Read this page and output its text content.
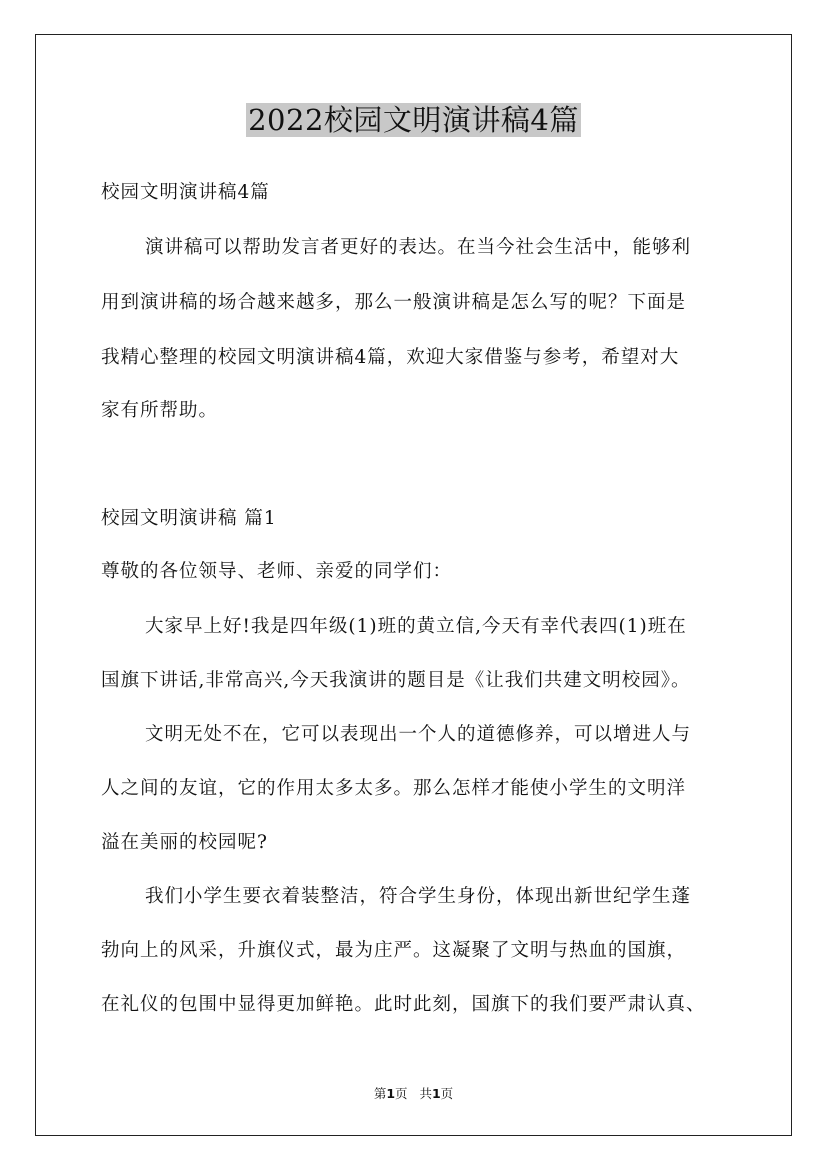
2022校园文明演讲稿4篇
校园文明演讲稿4篇
演讲稿可以帮助发言者更好的表达。在当今社会生活中，能够利
用到演讲稿的场合越来越多，那么一般演讲稿是怎么写的呢？下面是
我精心整理的校园文明演讲稿4篇，欢迎大家借鉴与参考，希望对大
家有所帮助。
校园文明演讲稿 篇1
尊敬的各位领导、老师、亲爱的同学们：
大家早上好!我是四年级(1)班的黄立信,今天有幸代表四(1)班在
国旗下讲话,非常高兴,今天我演讲的题目是《让我们共建文明校园》。
文明无处不在，它可以表现出一个人的道德修养，可以增进人与
人之间的友谊，它的作用太多太多。那么怎样才能使小学生的文明洋
溢在美丽的校园呢?
我们小学生要衣着装整洁，符合学生身份，体现出新世纪学生蓬
勃向上的风采，升旗仪式，最为庄严。这凝聚了文明与热血的国旗，
在礼仪的包围中显得更加鲜艳。此时此刻，国旗下的我们要严肃认真、
第1页   共1页
